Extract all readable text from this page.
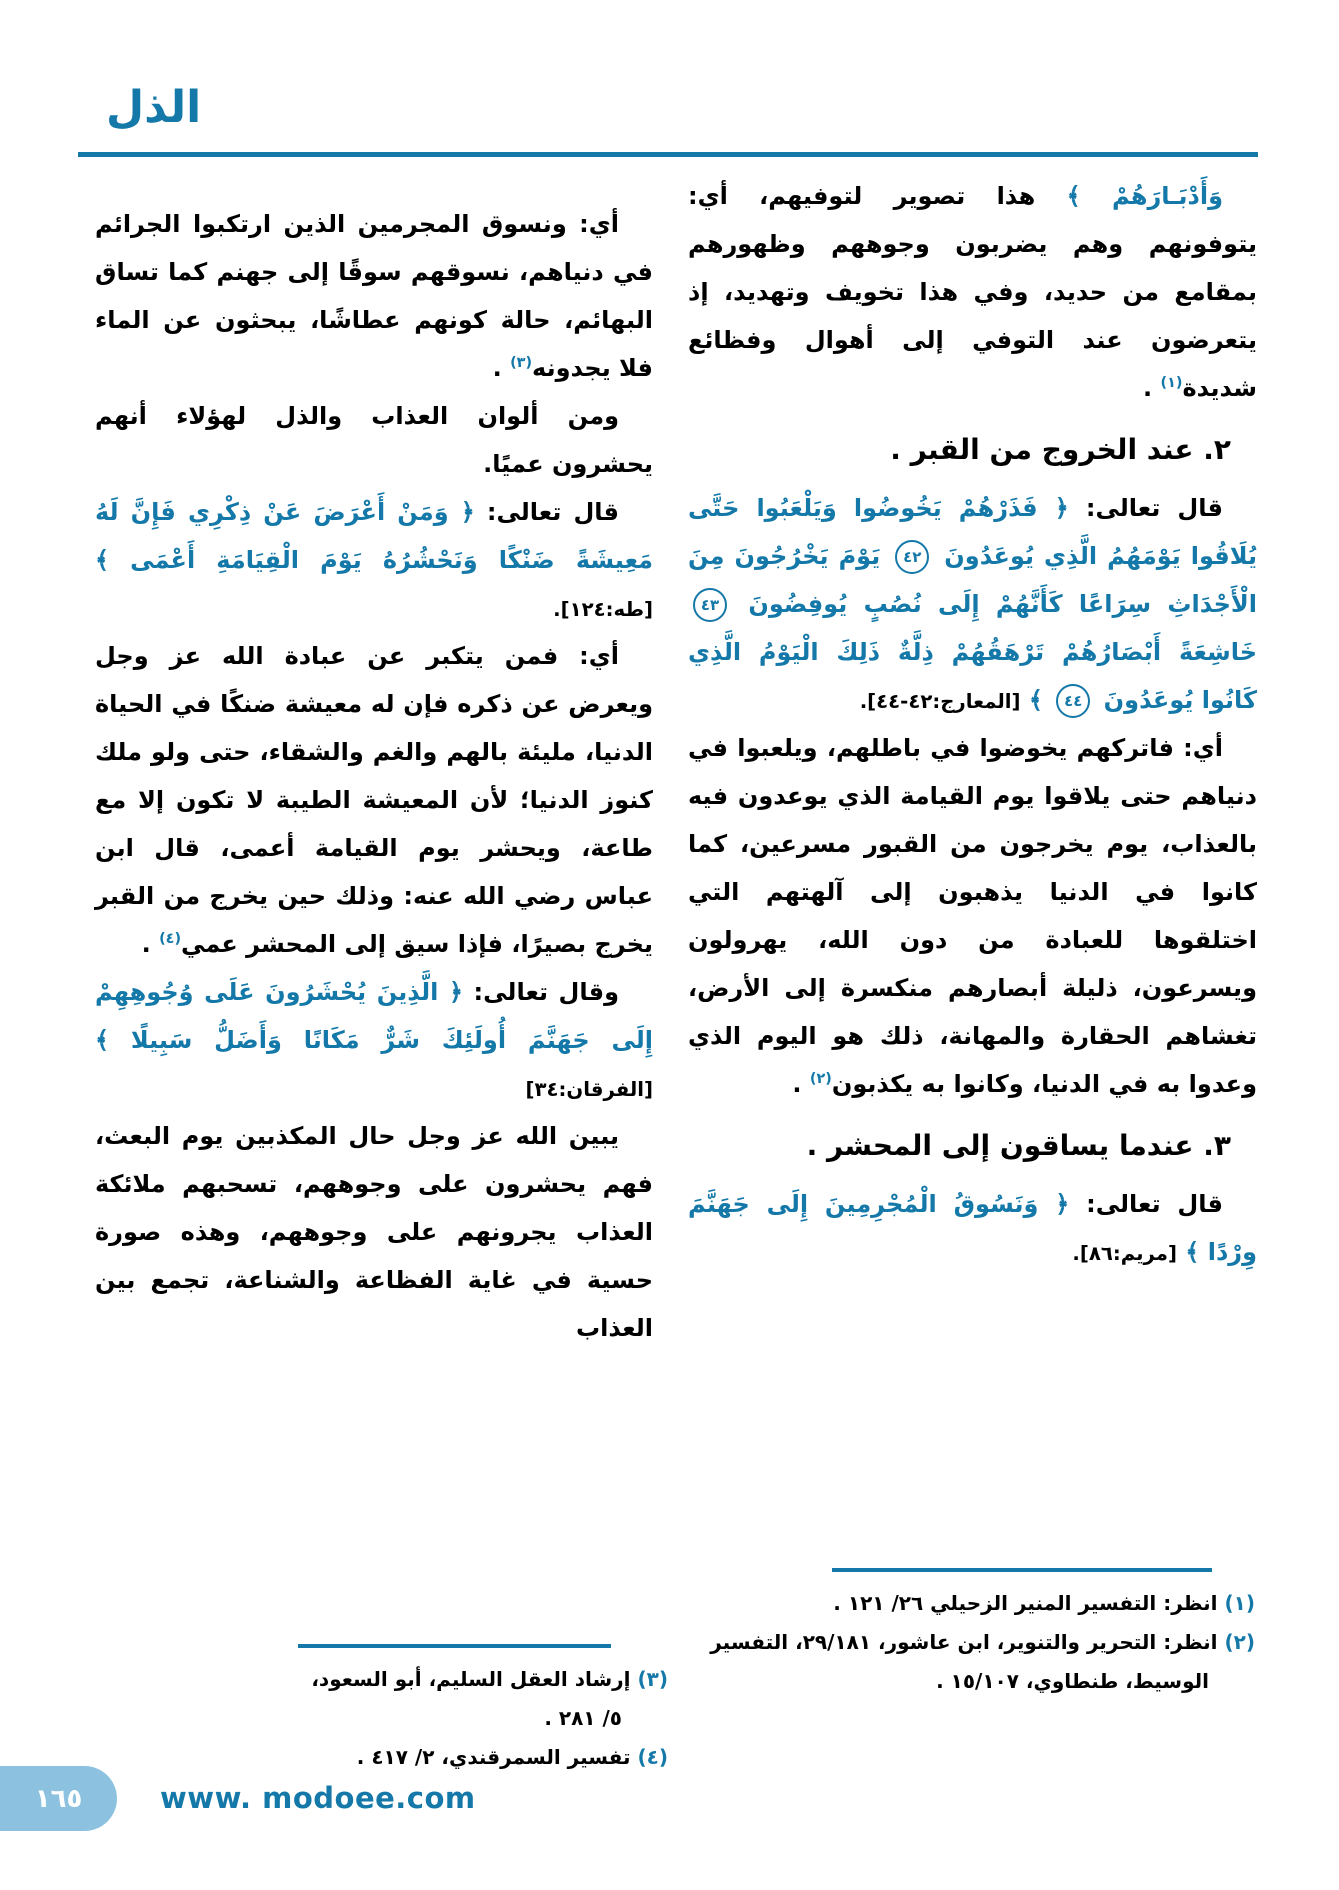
الذل

وَأَدْبَـارَهُمْ ﴾ هذا تصوير لتوفيهم، أي: يتوفونهم وهم يضربون وجوههم وظهورهم بمقامع من حديد، وفي هذا تخويف وتهديد، إذ يتعرضون عند التوفي إلى أهوال وفظائع شديدة$^{(١)}$ .

٢. عند الخروج من القبر .

قال تعالى: ﴿ فَذَرْهُمْ يَخُوضُوا وَيَلْعَبُوا حَتَّى يُلَاقُوا يَوْمَهُمُ الَّذِي يُوعَدُونَ ٤٢ يَوْمَ يَخْرُجُونَ مِنَ الْأَجْدَاثِ سِرَاعًا كَأَنَّهُمْ إِلَى نُصُبٍ يُوفِضُونَ ٤٣ خَاشِعَةً أَبْصَارُهُمْ تَرْهَقُهُمْ ذِلَّةٌ ذَلِكَ الْيَوْمُ الَّذِي كَانُوا يُوعَدُونَ ٤٤ ﴾ [المعارج:٤٢-٤٤].

أي: فاتركهم يخوضوا في باطلهم، ويلعبوا في دنياهم حتى يلاقوا يوم القيامة الذي يوعدون فيه بالعذاب، يوم يخرجون من القبور مسرعين، كما كانوا في الدنيا يذهبون إلى آلهتهم التي اختلقوها للعبادة من دون الله، يهرولون ويسرعون، ذليلة أبصارهم منكسرة إلى الأرض، تغشاهم الحقارة والمهانة، ذلك هو اليوم الذي وعدوا به في الدنيا، وكانوا به يكذبون$^{(٢)}$ .

٣. عندما يساقون إلى المحشر .

قال تعالى: ﴿ وَنَسُوقُ الْمُجْرِمِينَ إِلَى جَهَنَّمَ وِرْدًا ﴾ [مريم:٨٦].

أي: ونسوق المجرمين الذين ارتكبوا الجرائم في دنياهم، نسوقهم سوقًا إلى جهنم كما تساق البهائم، حالة كونهم عطاشًا، يبحثون عن الماء فلا يجدونه$^{(٣)}$ .

ومن ألوان العذاب والذل لهؤلاء أنهم يحشرون عميًا.

قال تعالى: ﴿ وَمَنْ أَعْرَضَ عَنْ ذِكْرِي فَإِنَّ لَهُ مَعِيشَةً ضَنْكًا وَنَحْشُرُهُ يَوْمَ الْقِيَامَةِ أَعْمَى ﴾ [طه:١٢٤].

أي: فمن يتكبر عن عبادة الله عز وجل ويعرض عن ذكره فإن له معيشة ضنكًا في الحياة الدنيا، مليئة بالهم والغم والشقاء، حتى ولو ملك كنوز الدنيا؛ لأن المعيشة الطيبة لا تكون إلا مع طاعة، ويحشر يوم القيامة أعمى، قال ابن عباس رضي الله عنه: وذلك حين يخرج من القبر يخرج بصيرًا، فإذا سيق إلى المحشر عمي$^{(٤)}$ .

وقال تعالى: ﴿ الَّذِينَ يُحْشَرُونَ عَلَى وُجُوهِهِمْ إِلَى جَهَنَّمَ أُولَئِكَ شَرٌّ مَكَانًا وَأَضَلُّ سَبِيلًا ﴾ [الفرقان:٣٤]

يبين الله عز وجل حال المكذبين يوم البعث، فهم يحشرون على وجوههم، تسحبهم ملائكة العذاب يجرونهم على وجوههم، وهذه صورة حسية في غاية الفظاعة والشناعة، تجمع بين العذاب

(١) انظر: التفسير المنير الزحيلي ٢٦/ ١٢١ .

(٢) انظر: التحرير والتنوير، ابن عاشور، ٢٩/١٨١، التفسير الوسيط، طنطاوي، ١٥/١٠٧ .

(٣) إرشاد العقل السليم، أبو السعود، ٥/ ٢٨١ .

(٤) تفسير السمرقندي، ٢/ ٤١٧ .

١٦٥	www. modoee.com
